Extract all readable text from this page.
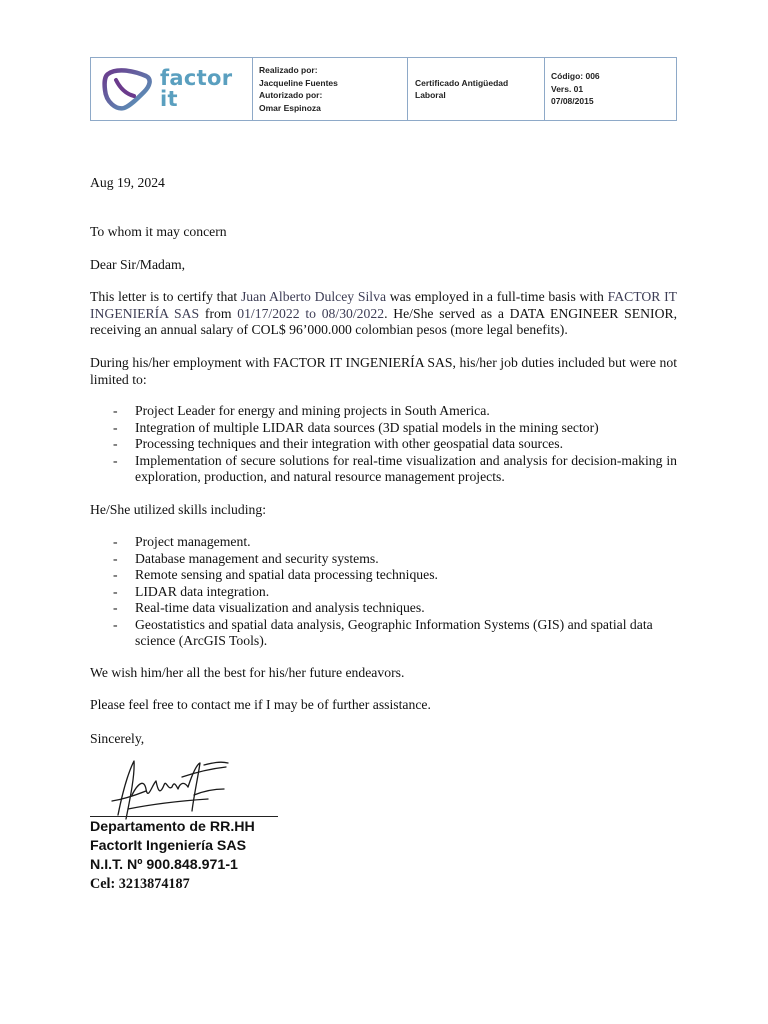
factor
it
Realizado por:
Jacqueline Fuentes
Autorizado por:
Omar Espinoza
Certificado Antigüedad
Laboral
Código: 006
Vers. 01
07/08/2015
Aug 19, 2024
To whom it may concern
Dear Sir/Madam,
This letter is to certify that Juan Alberto Dulcey Silva was employed in a full-time basis with FACTOR IT INGENIERÍA SAS from 01/17/2022 to 08/30/2022. He/She served as a DATA ENGINEER SENIOR, receiving an annual salary of COL$ 96’000.000 colombian pesos (more legal benefits).
During his/her employment with FACTOR IT INGENIERÍA SAS, his/her job duties included but were not limited to:
- Project Leader for energy and mining projects in South America.
- Integration of multiple LIDAR data sources (3D spatial models in the mining sector)
- Processing techniques and their integration with other geospatial data sources.
- Implementation of secure solutions for real-time visualization and analysis for decision-making in exploration, production, and natural resource management projects.
He/She utilized skills including:
- Project management.
- Database management and security systems.
- Remote sensing and spatial data processing techniques.
- LIDAR data integration.
- Real-time data visualization and analysis techniques.
- Geostatistics and spatial data analysis, Geographic Information Systems (GIS) and spatial data science (ArcGIS Tools).
We wish him/her all the best for his/her future endeavors.
Please feel free to contact me if I may be of further assistance.
Sincerely,
Departamento de RR.HH
FactorIt Ingeniería SAS
N.I.T. Nº 900.848.971-1
Cel: 3213874187
